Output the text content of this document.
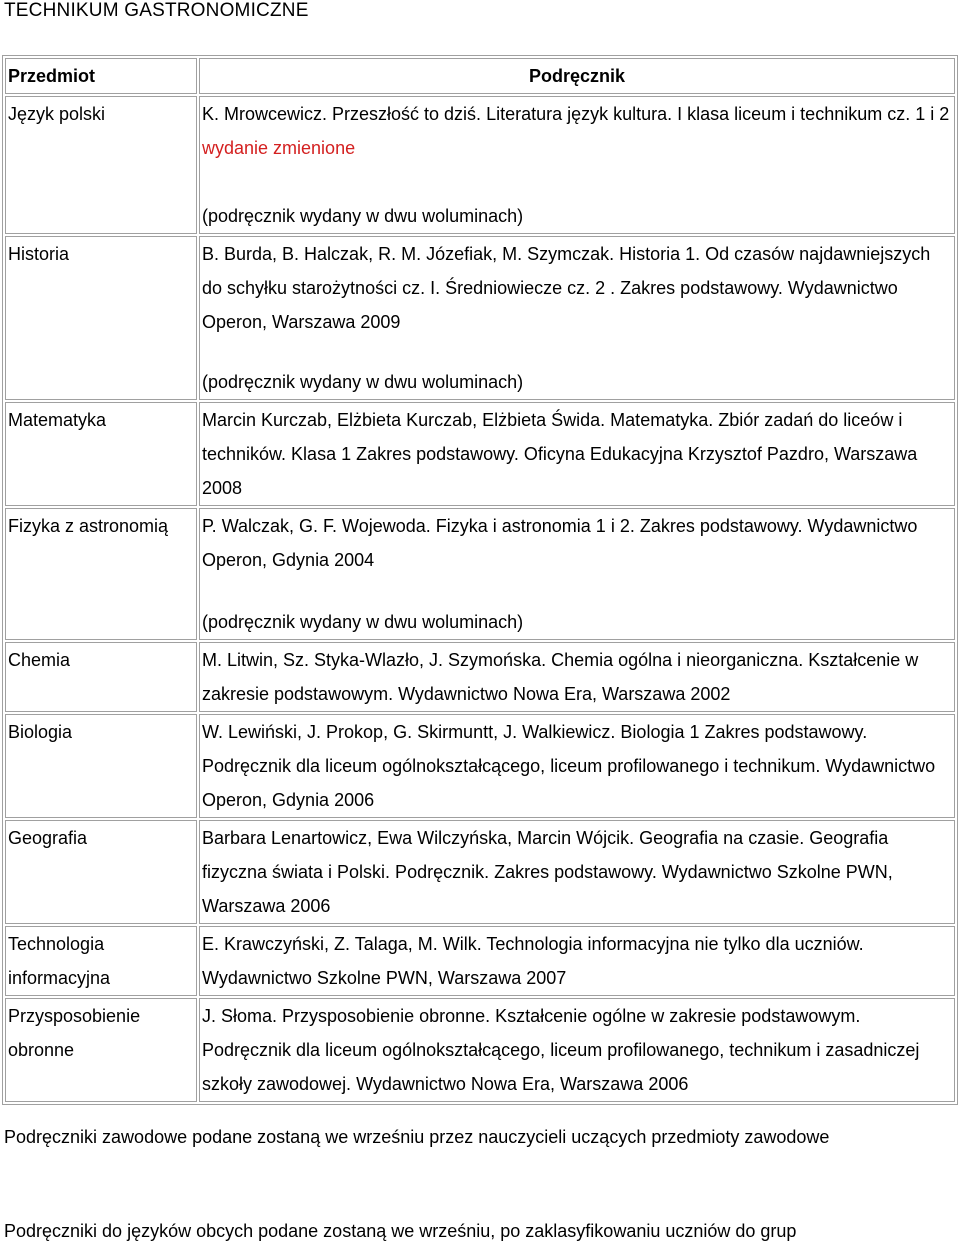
TECHNIKUM GASTRONOMICZNE
Przedmiot	Podręcznik
Język polski	K. Mrowcewicz. Przeszłość to dziś. Literatura język kultura. I klasa liceum i technikum cz. 1 i 2 wydanie zmienione
(podręcznik wydany w dwu woluminach)

Historia	B. Burda, B. Halczak, R. M. Józefiak, M. Szymczak. Historia 1. Od czasów najdawniejszych do schyłku starożytności cz. I. Średniowiecze cz. 2 . Zakres podstawowy. Wydawnictwo Operon, Warszawa 2009
(podręcznik wydany w dwu woluminach)

Matematyka	Marcin Kurczab, Elżbieta Kurczab, Elżbieta Świda. Matematyka. Zbiór zadań do liceów i techników. Klasa 1 Zakres podstawowy. Oficyna Edukacyjna Krzysztof Pazdro, Warszawa 2008
Fizyka z astronomią	P. Walczak, G. F. Wojewoda. Fizyka i astronomia 1 i 2. Zakres podstawowy. Wydawnictwo Operon, Gdynia 2004
(podręcznik wydany w dwu woluminach)

Chemia	M. Litwin, Sz. Styka-Wlazło, J. Szymońska. Chemia ogólna i nieorganiczna. Kształcenie w zakresie podstawowym. Wydawnictwo Nowa Era, Warszawa 2002
Biologia	W. Lewiński, J. Prokop, G. Skirmuntt, J. Walkiewicz. Biologia 1 Zakres podstawowy. Podręcznik dla liceum ogólnokształcącego, liceum profilowanego i technikum. Wydawnictwo Operon, Gdynia 2006
Geografia	Barbara Lenartowicz, Ewa Wilczyńska, Marcin Wójcik. Geografia na czasie. Geografia fizyczna świata i Polski. Podręcznik. Zakres podstawowy. Wydawnictwo Szkolne PWN, Warszawa 2006
Technologia informacyjna	E. Krawczyński, Z. Talaga, M. Wilk. Technologia informacyjna nie tylko dla uczniów. Wydawnictwo Szkolne PWN, Warszawa 2007
Przysposobienie obronne	J. Słoma. Przysposobienie obronne. Kształcenie ogólne w zakresie podstawowym. Podręcznik dla liceum ogólnokształcącego, liceum profilowanego, technikum i zasadniczej szkoły zawodowej. Wydawnictwo Nowa Era, Warszawa 2006
Podręczniki zawodowe podane zostaną we wrześniu przez nauczycieli uczących przedmioty zawodowe
Podręczniki do języków obcych podane zostaną we wrześniu, po zaklasyfikowaniu uczniów do grup
